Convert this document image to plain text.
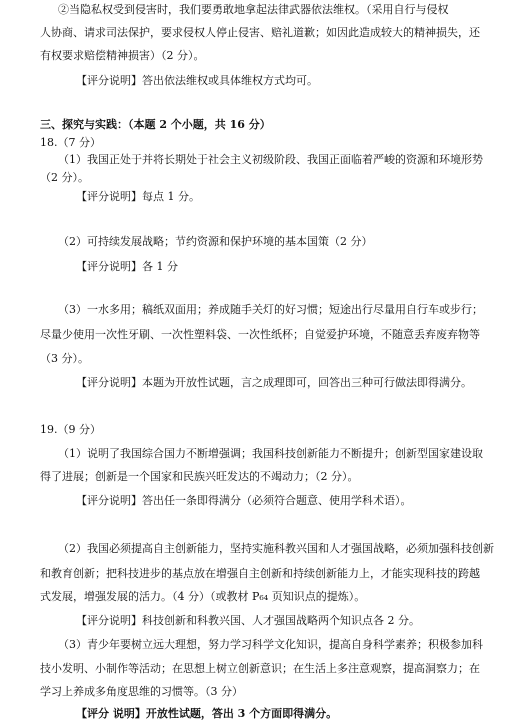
②当隐私权受到侵害时，我们要勇敢地拿起法律武器依法维权。（采用自行与侵权
人协商、请求司法保护，要求侵权人停止侵害、赔礼道歉；如因此造成较大的精神损失，还
有权要求赔偿精神损害）（2 分）。
【评分说明】答出依法维权或具体维权方式均可。
三、探究与实践：（本题 2 个小题，共 16 分）
18.（7 分）
（1）我国正处于并将长期处于社会主义初级阶段、我国正面临着严峻的资源和环境形势
（2 分）。
【评分说明】每点 1 分。
（2）可持续发展战略；节约资源和保护环境的基本国策（2 分）
【评分说明】各 1 分
（3）一水多用；稿纸双面用；养成随手关灯的好习惯；短途出行尽量用自行车或步行；
尽量少使用一次性牙刷、一次性塑料袋、一次性纸杯；自觉爱护环境，不随意丢弃废弃物等
（3 分）。
【评分说明】本题为开放性试题，言之成理即可，回答出三种可行做法即得满分。
19.（9 分）
（1）说明了我国综合国力不断增强调；我国科技创新能力不断提升；创新型国家建设取
得了进展；创新是一个国家和民族兴旺发达的不竭动力；（2 分）。
【评分说明】答出任一条即得满分（必须符合题意、使用学科术语）。
（2）我国必须提高自主创新能力，坚持实施科教兴国和人才强国战略，必须加强科技创新
和教育创新；把科技进步的基点放在增强自主创新和持续创新能力上，才能实现科技的跨越
式发展，增强发展的活力。（4 分）（或教材 P₆₄ 页知识点的提炼）。
【评分说明】科技创新和科教兴国、人才强国战略两个知识点各 2 分。
（3）青少年要树立远大理想，努力学习科学文化知识，提高自身科学素养；积极参加科
技小发明、小制作等活动；在思想上树立创新意识；在生活上多注意观察，提高洞察力；在
学习上养成多角度思维的习惯等。（3 分）
【评分 说明】开放性试题，答出 3 个方面即得满分。
